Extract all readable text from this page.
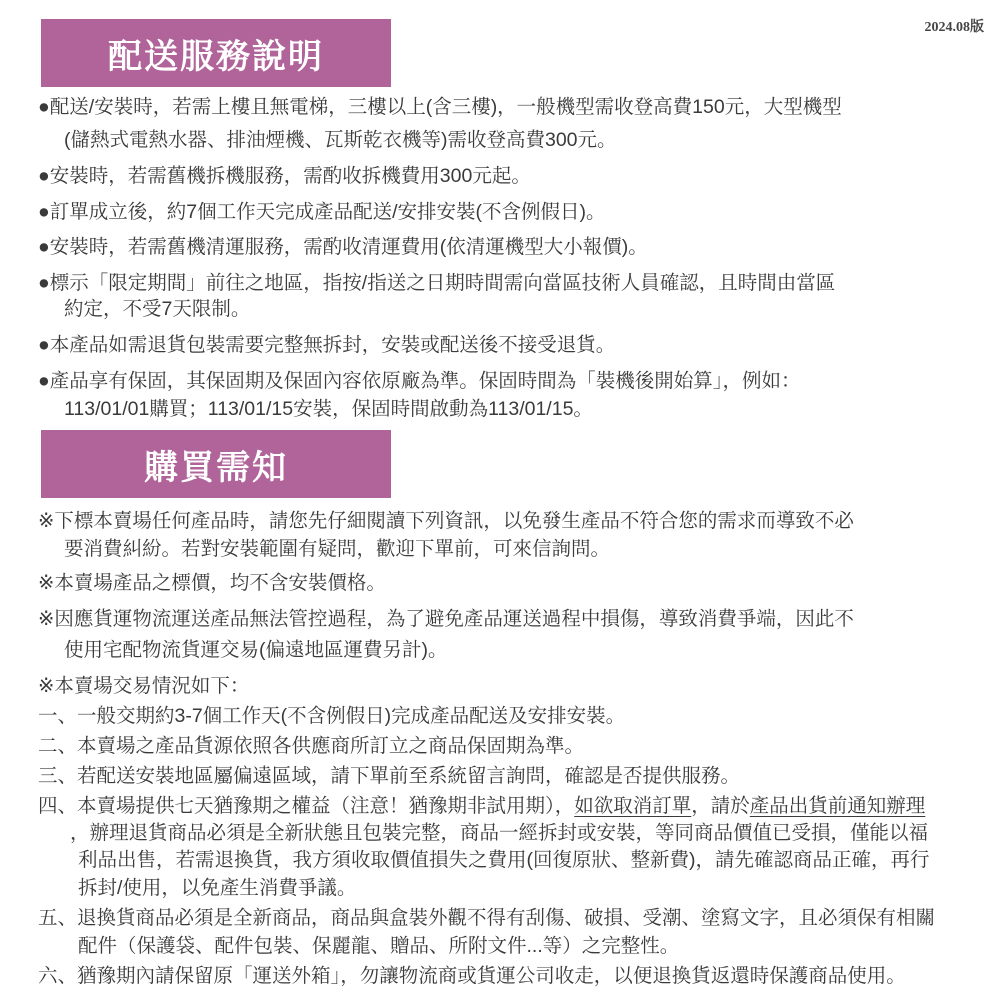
2024.08版
配送服務說明
●配送/安裝時，若需上樓且無電梯，三樓以上(含三樓)，一般機型需收登高費150元，大型機型
(儲熱式電熱水器、排油煙機、瓦斯乾衣機等)需收登高費300元。
●安裝時，若需舊機拆機服務，需酌收拆機費用300元起。
●訂單成立後，約7個工作天完成產品配送/安排安裝(不含例假日)。
●安裝時，若需舊機清運服務，需酌收清運費用(依清運機型大小報價)。
●標示「限定期間」前往之地區，指按/指送之日期時間需向當區技術人員確認，且時間由當區
約定，不受7天限制。
●本產品如需退貨包裝需要完整無拆封，安裝或配送後不接受退貨。
●產品享有保固，其保固期及保固內容依原廠為準。保固時間為「裝機後開始算」，例如：
113/01/01購買；113/01/15安裝，保固時間啟動為113/01/15。
購買需知
※下標本賣場任何產品時，請您先仔細閱讀下列資訊，以免發生產品不符合您的需求而導致不必
要消費糾紛。若對安裝範圍有疑問，歡迎下單前，可來信詢問。
※本賣場產品之標價，均不含安裝價格。
※因應貨運物流運送產品無法管控過程，為了避免產品運送過程中損傷，導致消費爭端，因此不
使用宅配物流貨運交易(偏遠地區運費另計)。
※本賣場交易情況如下：
一、一般交期約3-7個工作天(不含例假日)完成產品配送及安排安裝。
二、本賣場之產品貨源依照各供應商所訂立之商品保固期為準。
三、若配送安裝地區屬偏遠區域，請下單前至系統留言詢問，確認是否提供服務。
四、本賣場提供七天猶豫期之權益（注意！猶豫期非試用期），如欲取消訂單，請於產品出貨前通知辦理
，辦理退貨商品必須是全新狀態且包裝完整，商品一經拆封或安裝，等同商品價值已受損，僅能以福
利品出售，若需退換貨，我方須收取價值損失之費用(回復原狀、整新費)，請先確認商品正確，再行
拆封/使用，以免產生消費爭議。
五、退換貨商品必須是全新商品，商品與盒裝外觀不得有刮傷、破損、受潮、塗寫文字，且必須保有相關
配件（保護袋、配件包裝、保麗龍、贈品、所附文件...等）之完整性。
六、猶豫期內請保留原「運送外箱」，勿讓物流商或貨運公司收走，以便退換貨返還時保護商品使用。
